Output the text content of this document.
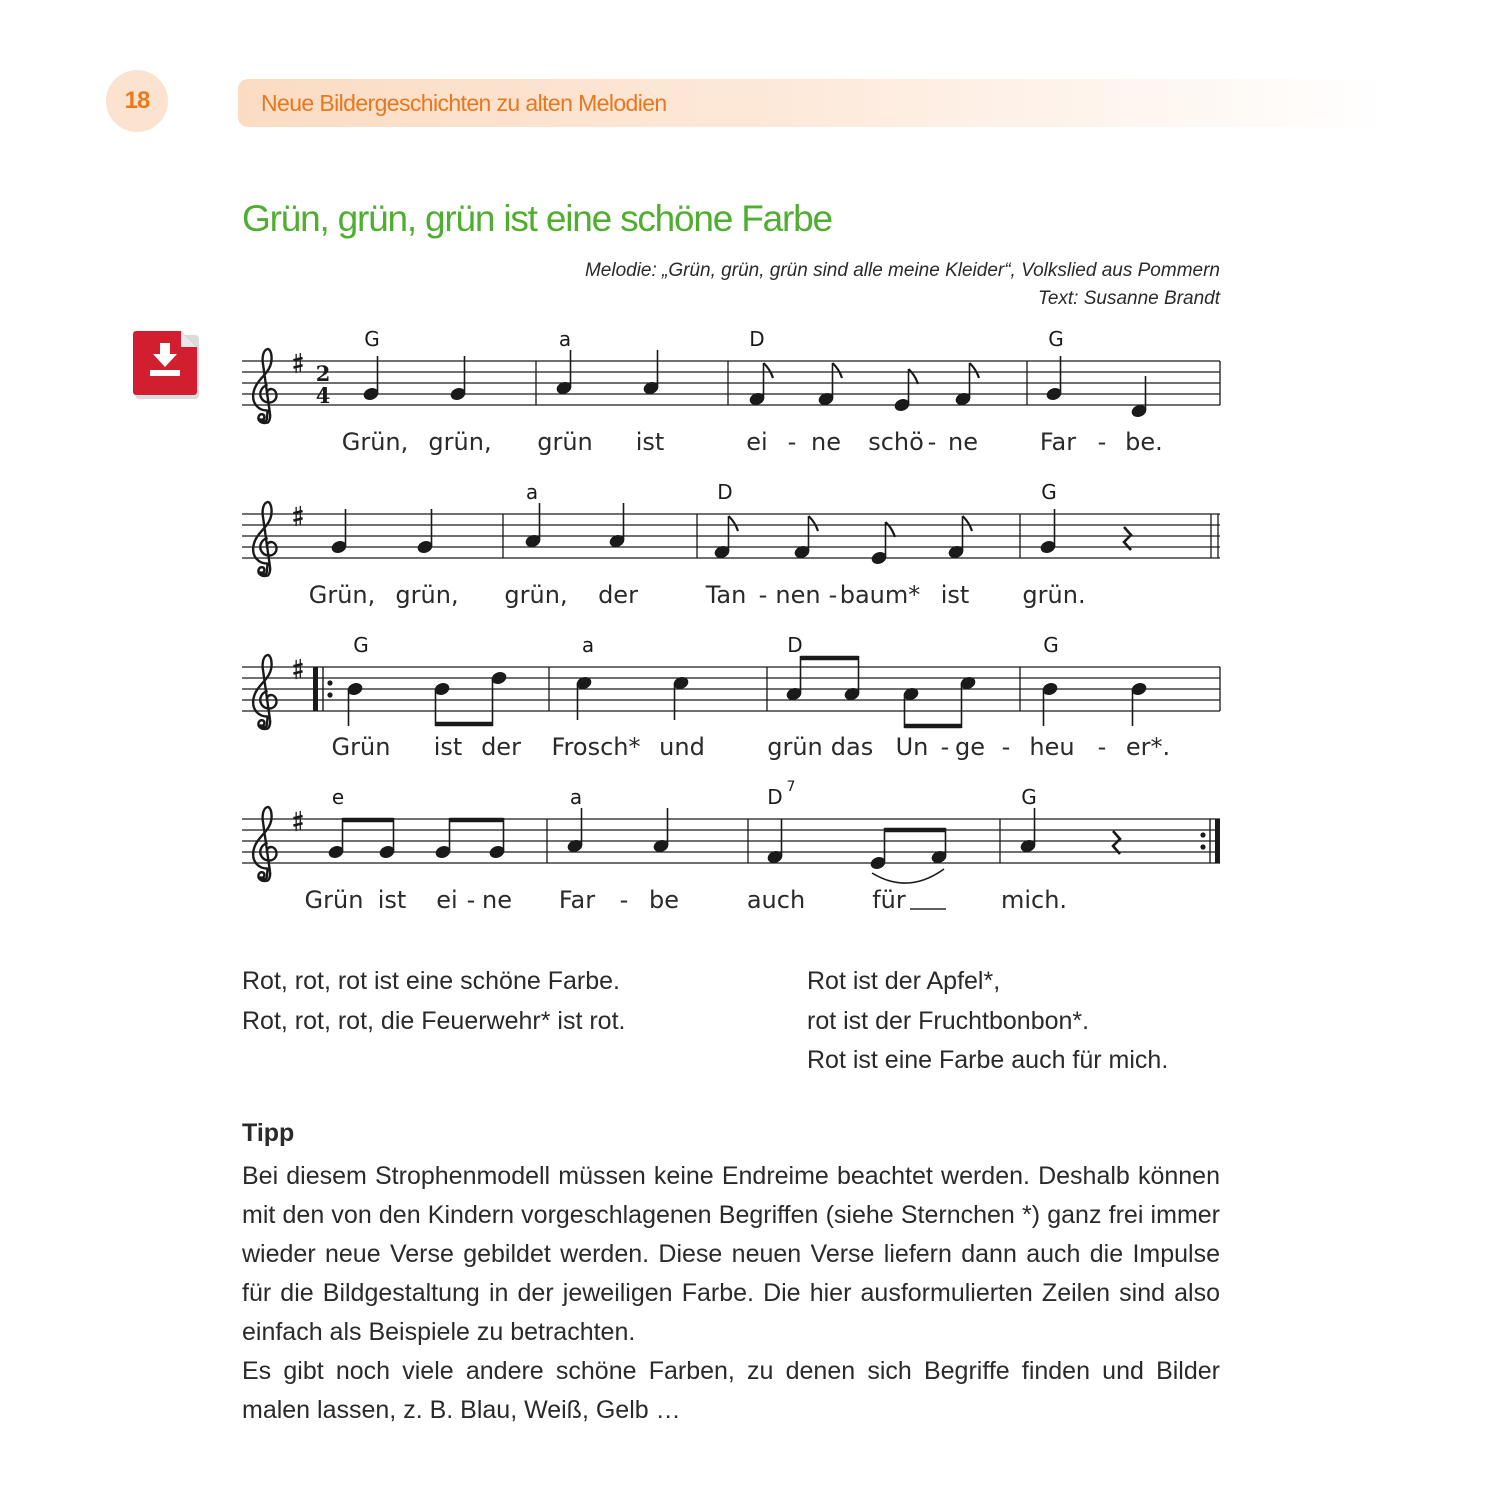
18	Neue Bildergeschichten zu alten Melodien
Grün, grün, grün ist eine schöne Farbe
Melodie: „Grün, grün, grün sind alle meine Kleider“, Volkslied aus Pommern
Text: Susanne Brandt
2
4
G	a	D	G
Grün, grün, grün ist	ei - ne schö - ne	Far - be.
a	D	G
Grün, grün, grün, der	Tan - nen - baum* ist grün.
G	a	D	G
Grün ist der Frosch* und	grün das Un - ge - heu - er*.
e	a	D 7	G
Grün ist ei - ne Far - be	auch	für	mich.
Rot, rot, rot ist eine schöne Farbe.
Rot, rot, rot, die Feuerwehr* ist rot.
Rot ist der Apfel*,
rot ist der Fruchtbonbon*.
Rot ist eine Farbe auch für mich.
Tipp

Bei diesem Strophenmodell müssen keine Endreime beachtet werden. Deshalb können mit den von den Kindern vorgeschlagenen Begriffen (siehe Sternchen *) ganz frei immer wieder neue Verse gebildet werden. Diese neuen Verse liefern dann auch die Impulse für die Bildgestaltung in der jeweiligen Farbe. Die hier ausformulierten Zeilen sind also einfach als Beispiele zu betrachten.

Es gibt noch viele andere schöne Farben, zu denen sich Begriffe finden und Bilder malen lassen, z. B. Blau, Weiß, Gelb …
